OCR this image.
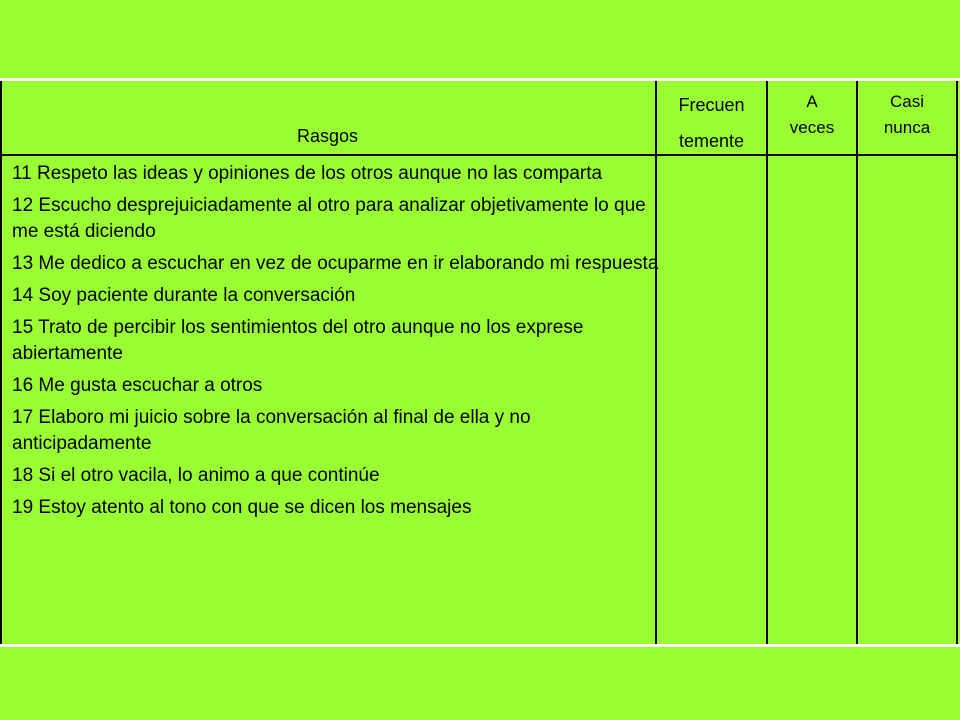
Rasgos
Frecuen
temente
A
veces
Casi
nunca
11 Respeto las ideas y opiniones de los otros aunque no las comparta
12 Escucho desprejuiciadamente al otro para analizar objetivamente lo que me está diciendo
13 Me dedico a escuchar en vez de ocuparme en ir elaborando mi respuesta
14 Soy paciente durante la conversación
15 Trato de percibir los sentimientos del otro aunque no los exprese abiertamente
16 Me gusta escuchar a otros
17 Elaboro mi juicio sobre la conversación al final de ella y no anticipadamente
18 Si el otro vacila, lo animo a que continúe
19 Estoy atento al tono con que se dicen los mensajes
